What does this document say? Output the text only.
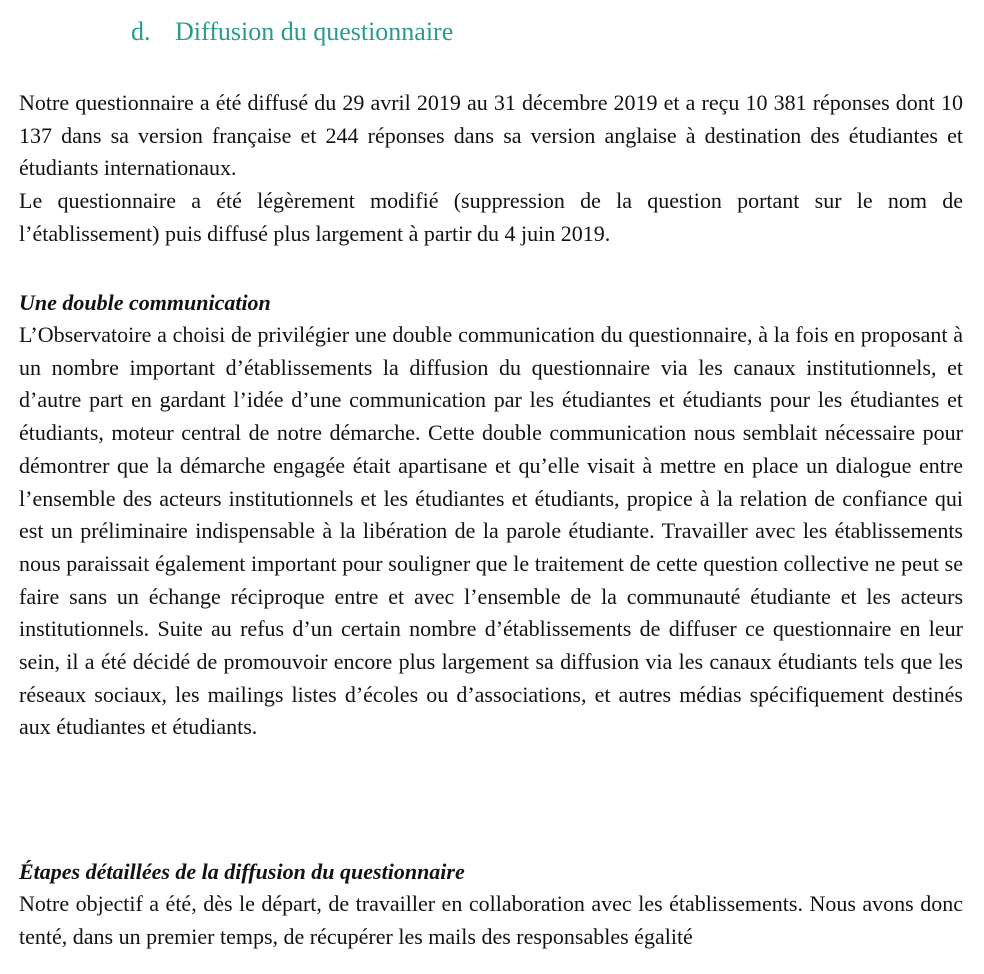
d. Diffusion du questionnaire

Notre questionnaire a été diffusé du 29 avril 2019 au 31 décembre 2019 et a reçu 10 381 réponses dont 10 137 dans sa version française et 244 réponses dans sa version anglaise à destination des étudiantes et étudiants internationaux.

Le questionnaire a été légèrement modifié (suppression de la question portant sur le nom de l’établissement) puis diffusé plus largement à partir du 4 juin 2019.

Une double communication

L’Observatoire a choisi de privilégier une double communication du questionnaire, à la fois en proposant à un nombre important d’établissements la diffusion du questionnaire via les canaux institutionnels, et d’autre part en gardant l’idée d’une communication par les étudiantes et étudiants pour les étudiantes et étudiants, moteur central de notre démarche. Cette double communication nous semblait nécessaire pour démontrer que la démarche engagée était apartisane et qu’elle visait à mettre en place un dialogue entre l’ensemble des acteurs institutionnels et les étudiantes et étudiants, propice à la relation de confiance qui est un préliminaire indispensable à la libération de la parole étudiante. Travailler avec les établissements nous paraissait également important pour souligner que le traitement de cette question collective ne peut se faire sans un échange réciproque entre et avec l’ensemble de la communauté étudiante et les acteurs institutionnels. Suite au refus d’un certain nombre d’établissements de diffuser ce questionnaire en leur sein, il a été décidé de promouvoir encore plus largement sa diffusion via les canaux étudiants tels que les réseaux sociaux, les mailings listes d’écoles ou d’associations, et autres médias spécifiquement destinés aux étudiantes et étudiants.

Étapes détaillées de la diffusion du questionnaire

Notre objectif a été, dès le départ, de travailler en collaboration avec les établissements. Nous avons donc tenté, dans un premier temps, de récupérer les mails des responsables égalité
